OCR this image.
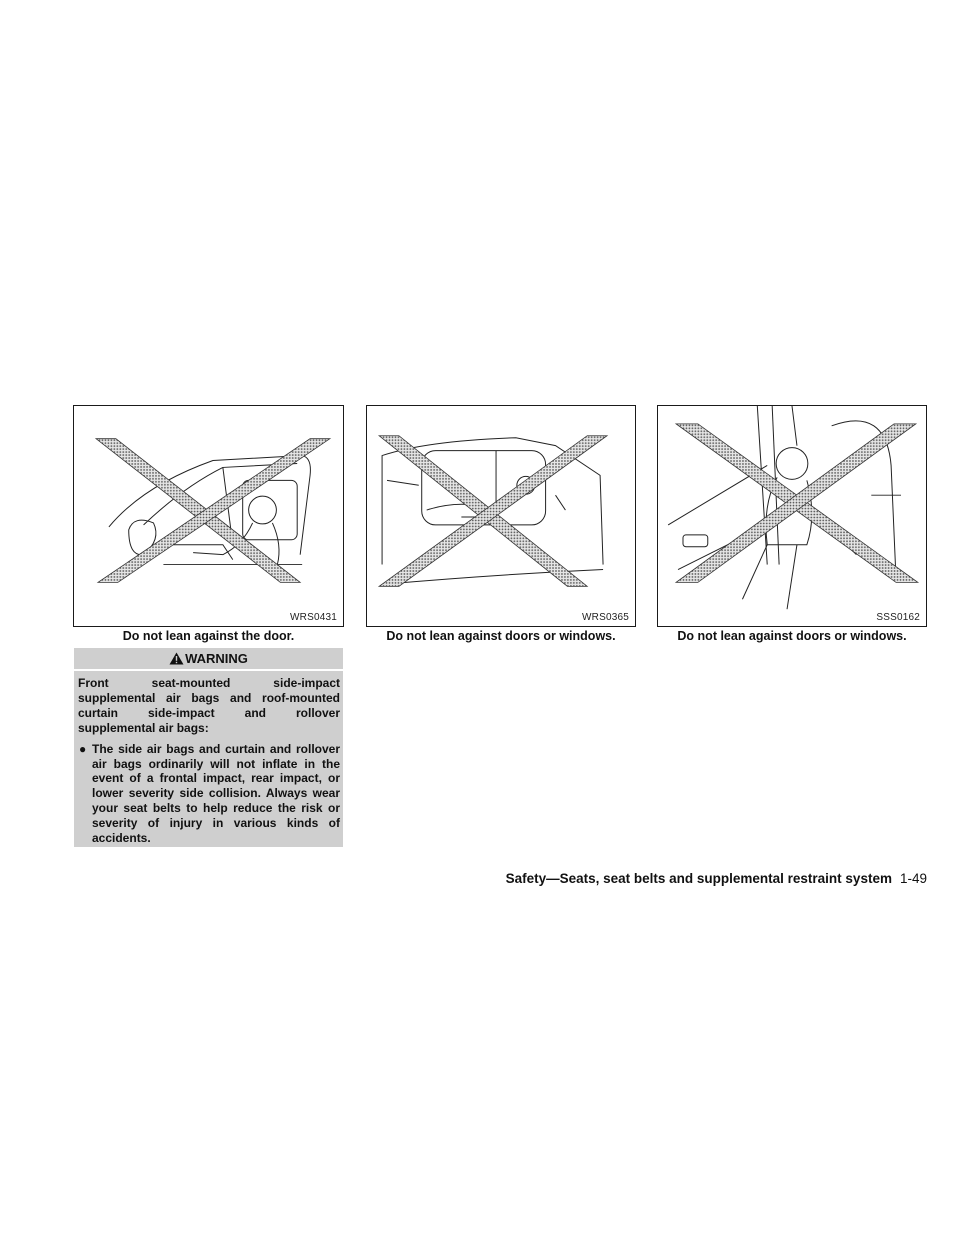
WRS0431
Do not lean against the door.
WRS0365
Do not lean against doors or windows.
SSS0162
Do not lean against doors or windows.
WARNING

Front seat-mounted side-impact supplemental air bags and roof-mounted curtain side-impact and rollover supplemental air bags:

● The side air bags and curtain and rollover air bags ordinarily will not inflate in the event of a frontal impact, rear impact, or lower severity side collision. Always wear your seat belts to help reduce the risk or severity of injury in various kinds of accidents.
Safety—Seats, seat belts and supplemental restraint system 1-49
